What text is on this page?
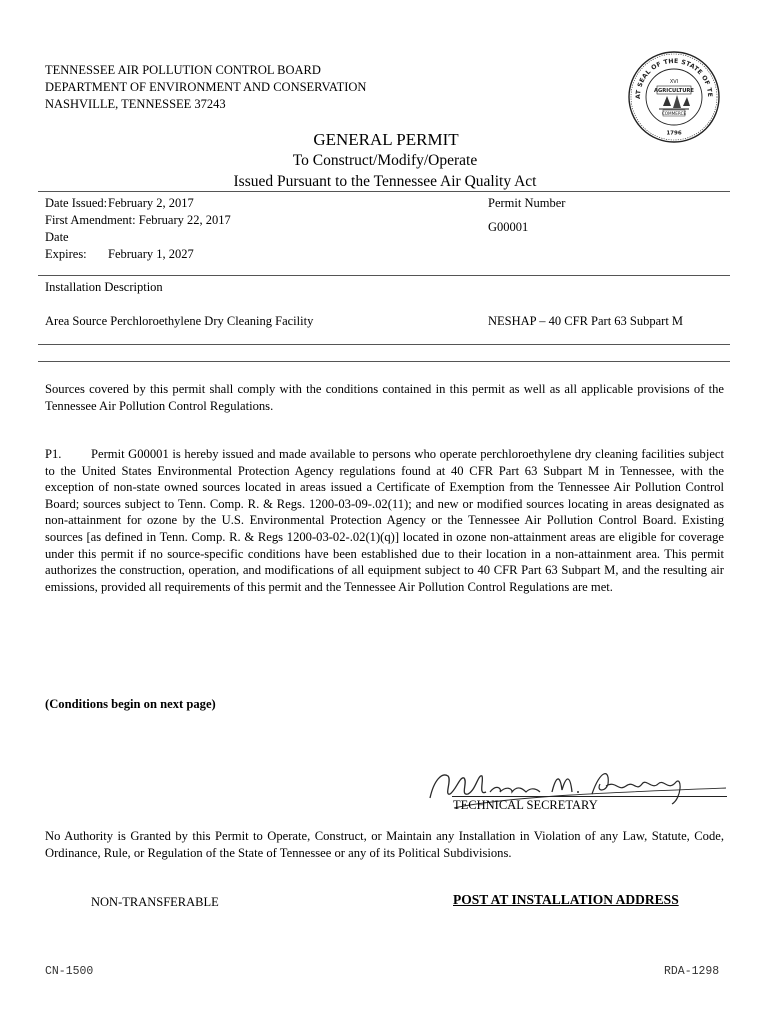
TENNESSEE AIR POLLUTION CONTROL BOARD
DEPARTMENT OF ENVIRONMENT AND CONSERVATION
NASHVILLE, TENNESSEE 37243
AT SEAL OF THE STATE OF TE
XVI
AGRICULTURE
COMMERCE
1796
GENERAL PERMIT
To Construct/Modify/Operate
Issued Pursuant to the Tennessee Air Quality Act
Date Issued:February 2, 2017
First Amendment: February 22, 2017
Date Expires: February 1, 2027
Permit Number
G00001
Installation Description
Area Source Perchloroethylene Dry Cleaning Facility	NESHAP – 40 CFR Part 63 Subpart M
Sources covered by this permit shall comply with the conditions contained in this permit as well as all applicable provisions of the Tennessee Air Pollution Control Regulations.
P1. Permit G00001 is hereby issued and made available to persons who operate perchloroethylene dry cleaning facilities subject to the United States Environmental Protection Agency regulations found at 40 CFR Part 63 Subpart M in Tennessee, with the exception of non-state owned sources located in areas issued a Certificate of Exemption from the Tennessee Air Pollution Control Board; sources subject to Tenn. Comp. R. & Regs. 1200-03-09-.02(11); and new or modified sources locating in areas designated as non-attainment for ozone by the U.S. Environmental Protection Agency or the Tennessee Air Pollution Control Board. Existing sources [as defined in Tenn. Comp. R. & Regs 1200-03-02-.02(1)(q)] located in ozone non-attainment areas are eligible for coverage under this permit if no source-specific conditions have been established due to their location in a non-attainment area. This permit authorizes the construction, operation, and modifications of all equipment subject to 40 CFR Part 63 Subpart M, and the resulting air emissions, provided all requirements of this permit and the Tennessee Air Pollution Control Regulations are met.
(Conditions begin on next page)
TECHNICAL SECRETARY
No Authority is Granted by this Permit to Operate, Construct, or Maintain any Installation in Violation of any Law, Statute, Code, Ordinance, Rule, or Regulation of the State of Tennessee or any of its Political Subdivisions.
NON-TRANSFERABLE	POST AT INSTALLATION ADDRESS
CN-1500	RDA-1298
